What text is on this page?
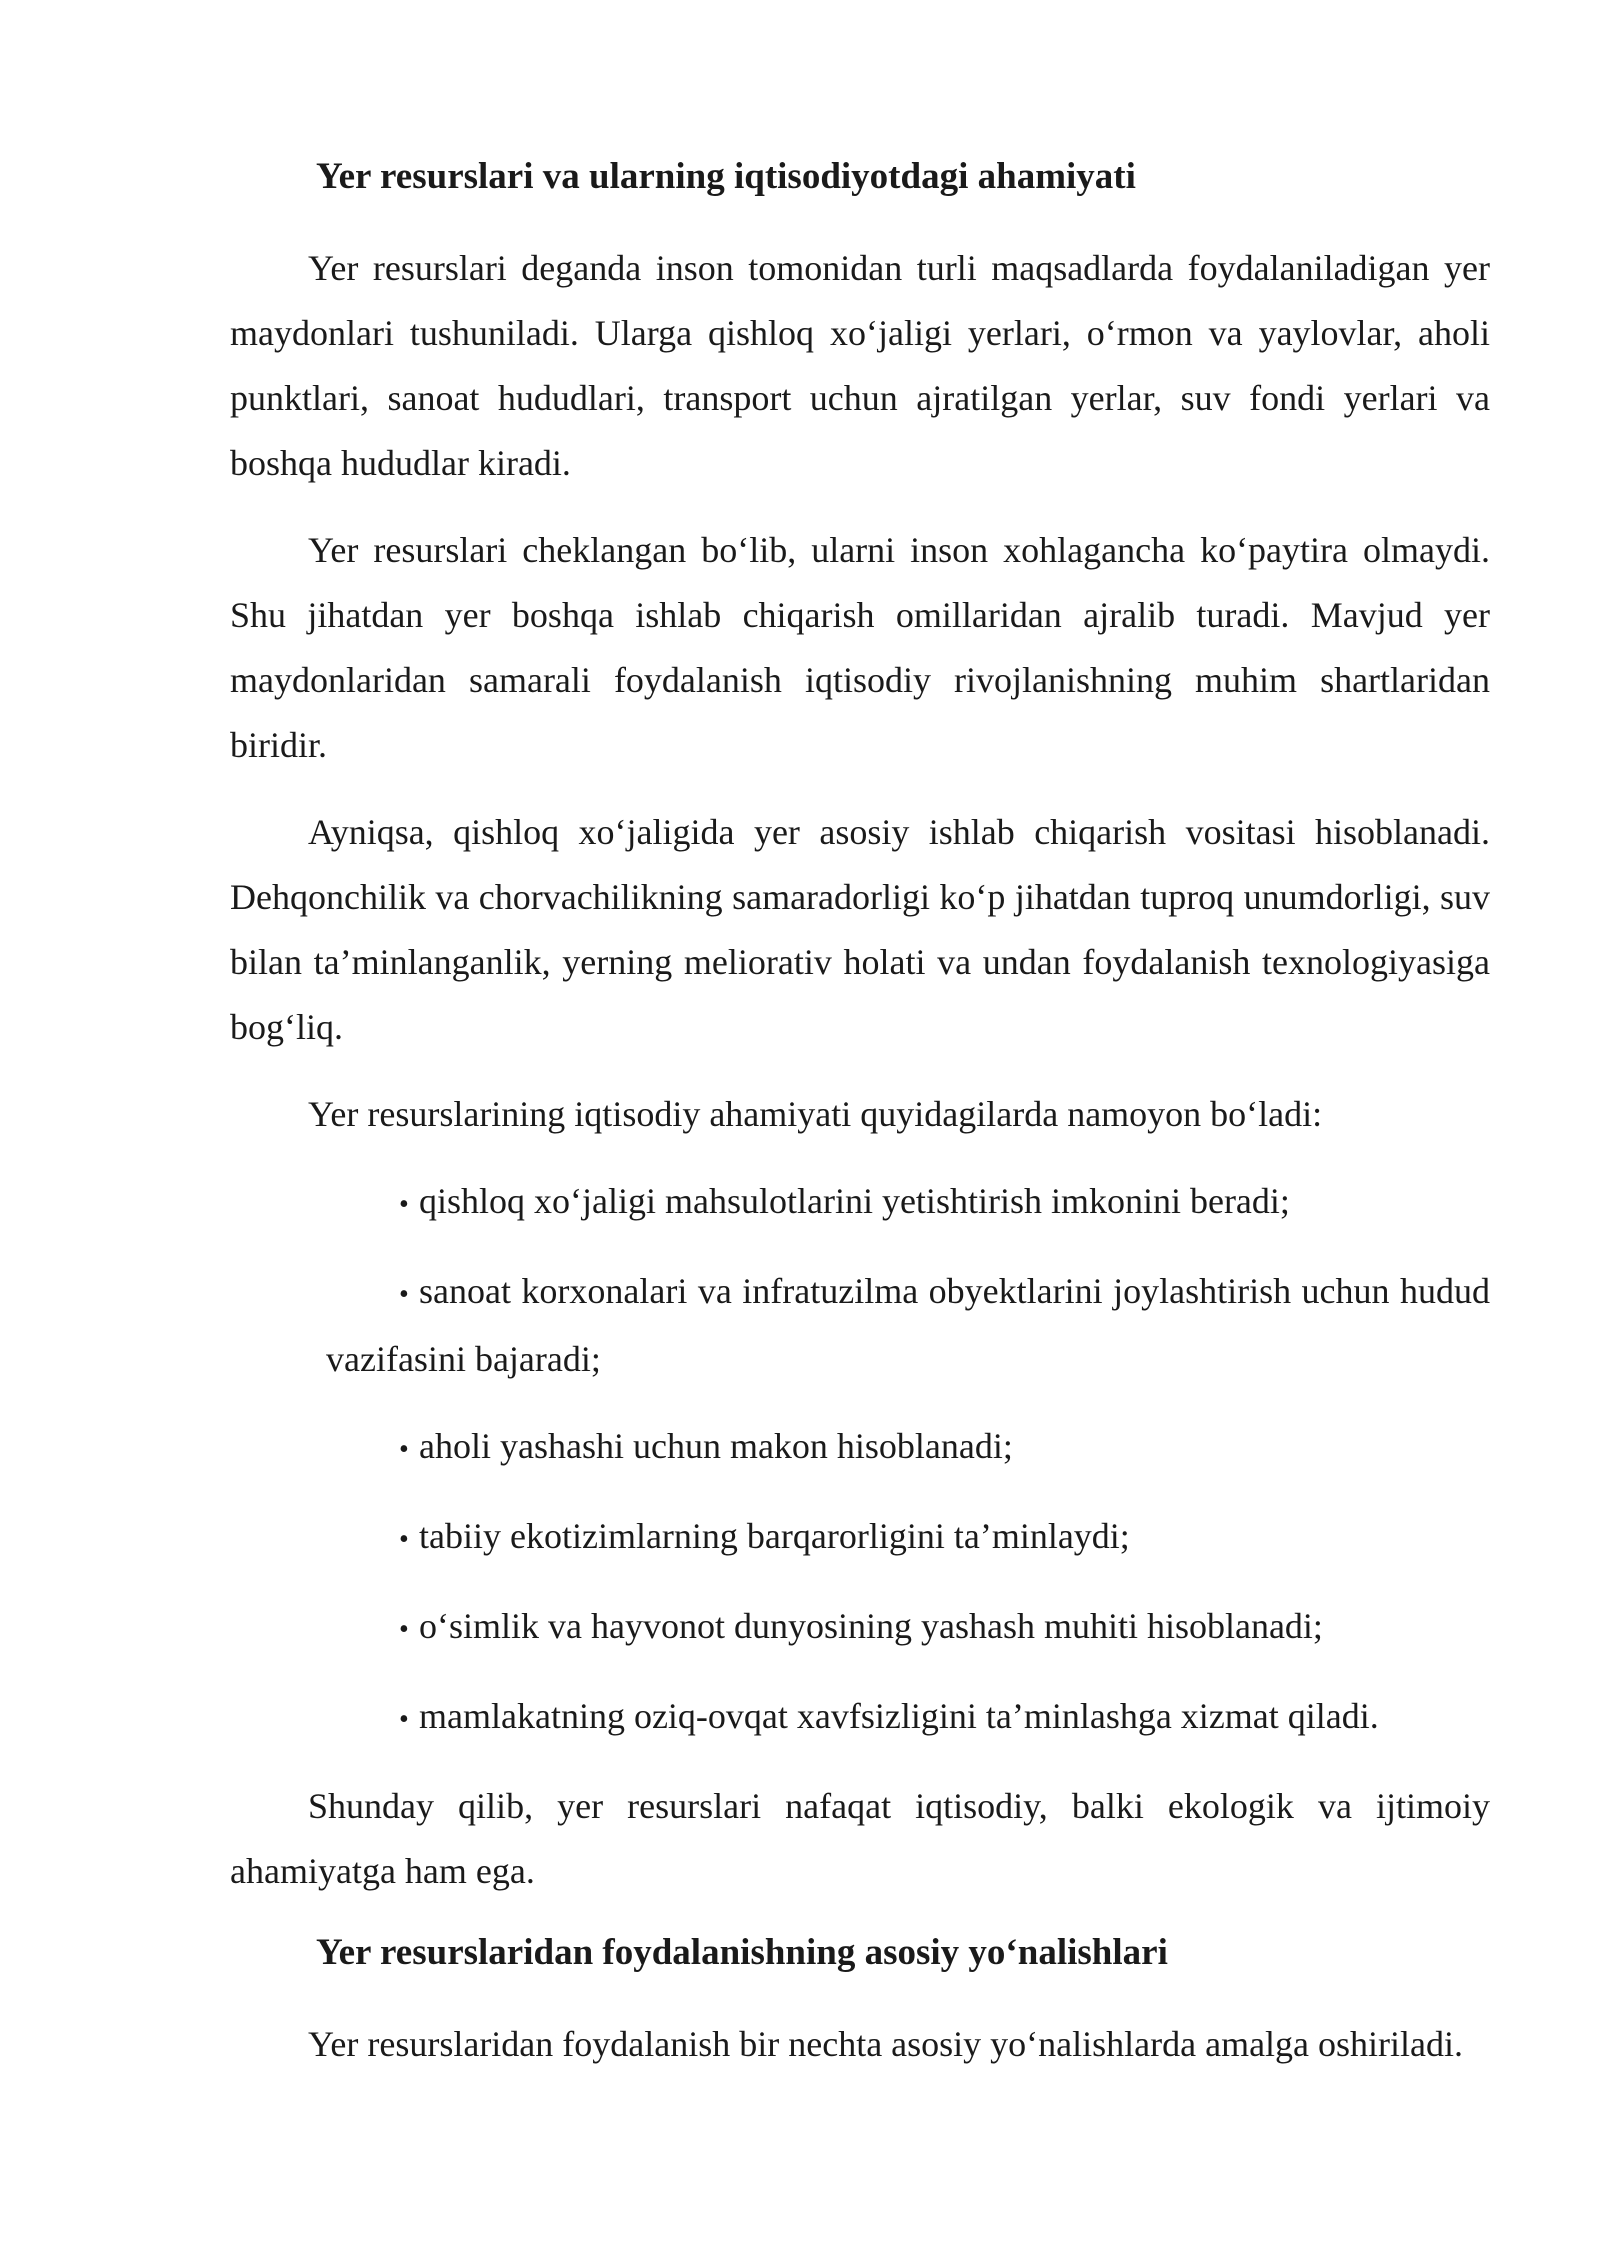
Yer resurslari va ularning iqtisodiyotdagi ahamiyati

Yer resurslari deganda inson tomonidan turli maqsadlarda foydalaniladigan yer maydonlari tushuniladi. Ularga qishloq xo‘jaligi yerlari, o‘rmon va yaylovlar, aholi punktlari, sanoat hududlari, transport uchun ajratilgan yerlar, suv fondi yerlari va boshqa hududlar kiradi.

Yer resurslari cheklangan bo‘lib, ularni inson xohlagancha ko‘paytira olmaydi. Shu jihatdan yer boshqa ishlab chiqarish omillaridan ajralib turadi. Mavjud yer maydonlaridan samarali foydalanish iqtisodiy rivojlanishning muhim shartlaridan biridir.

Ayniqsa, qishloq xo‘jaligida yer asosiy ishlab chiqarish vositasi hisoblanadi. Dehqonchilik va chorvachilikning samaradorligi ko‘p jihatdan tuproq unumdorligi, suv bilan ta’minlanganlik, yerning meliorativ holati va undan foydalanish texnologiyasiga bog‘liq.

Yer resurslarining iqtisodiy ahamiyati quyidagilarda namoyon bo‘ladi:

• qishloq xo‘jaligi mahsulotlarini yetishtirish imkonini beradi;
• sanoat korxonalari va infratuzilma obyektlarini joylashtirish uchun hudud vazifasini bajaradi;
• aholi yashashi uchun makon hisoblanadi;
• tabiiy ekotizimlarning barqarorligini ta’minlaydi;
• o‘simlik va hayvonot dunyosining yashash muhiti hisoblanadi;
• mamlakatning oziq-ovqat xavfsizligini ta’minlashga xizmat qiladi.

Shunday qilib, yer resurslari nafaqat iqtisodiy, balki ekologik va ijtimoiy ahamiyatga ham ega.

Yer resurslaridan foydalanishning asosiy yo‘nalishlari

Yer resurslaridan foydalanish bir nechta asosiy yo‘nalishlarda amalga oshiriladi.
